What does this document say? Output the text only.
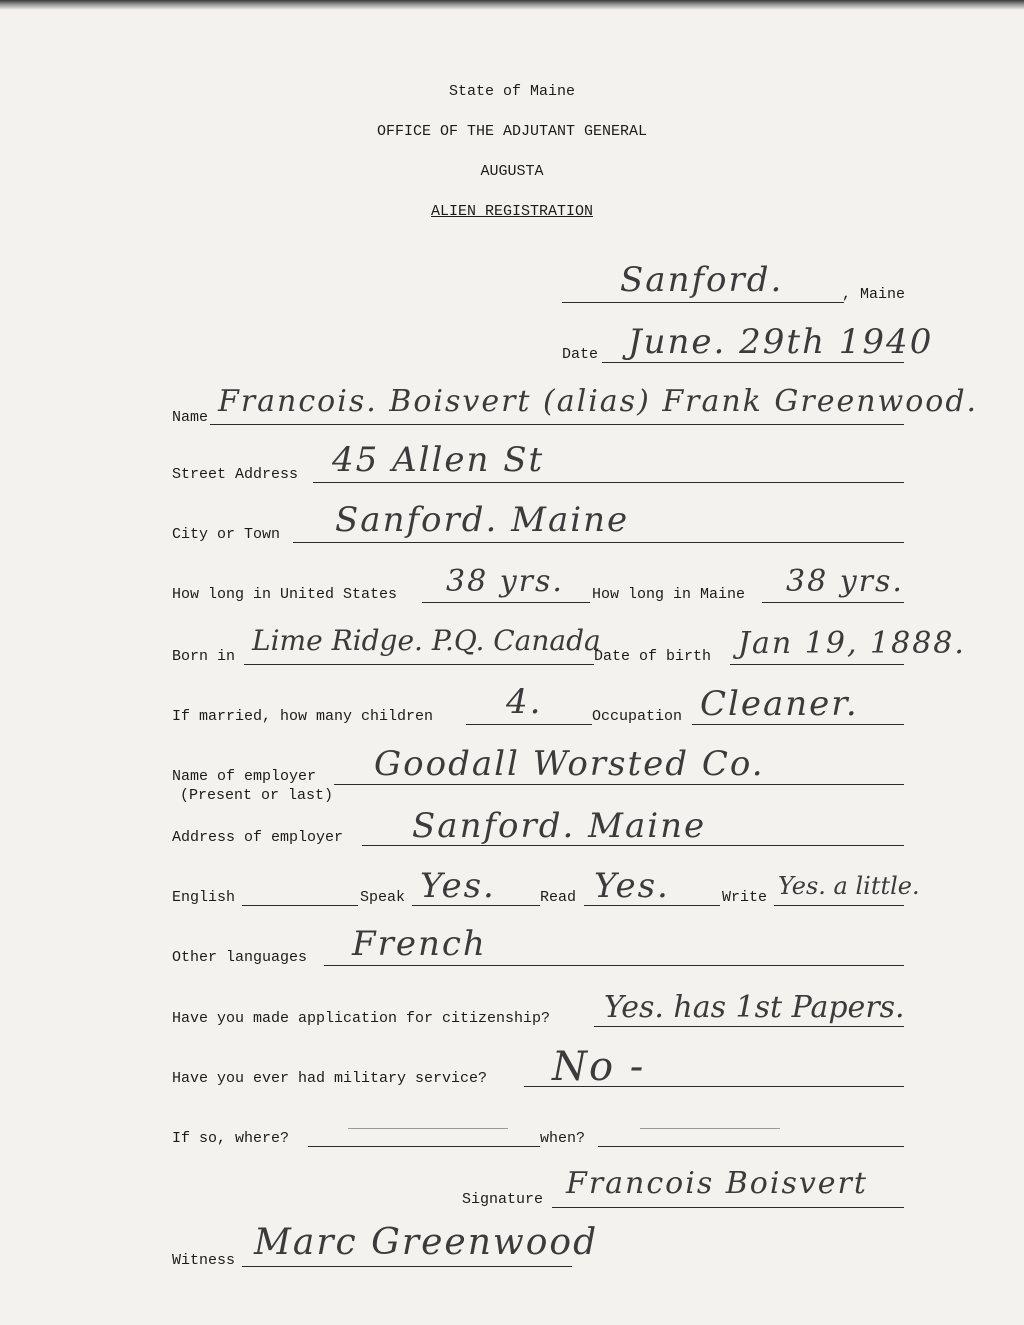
State of Maine
OFFICE OF THE ADJUTANT GENERAL
AUGUSTA
ALIEN REGISTRATION
Sanford.	, Maine
Date June. 29th 1940
Name Francois. Boisvert (alias) Frank Greenwood.
Street Address 45 Allen St
City or Town Sanford. Maine
How long in United States 38 yrs. How long in Maine 38 yrs.
Born in Lime Ridge. P.Q. Canada
Date of birth Jan 19, 1888.
If married, how many children 4.	Occupation Cleaner.
Name of employer
(Present or last)
Goodall Worsted Co.
Address of employer Sanford. Maine
English	Speak Yes.	Read Yes.	Write Yes. a little.
Other languages French
Have you made application for citizenship? Yes. has 1st Papers.
Have you ever had military service? No -
If so, where?	when?
Signature Francois Boisvert
Witness Marc Greenwood
